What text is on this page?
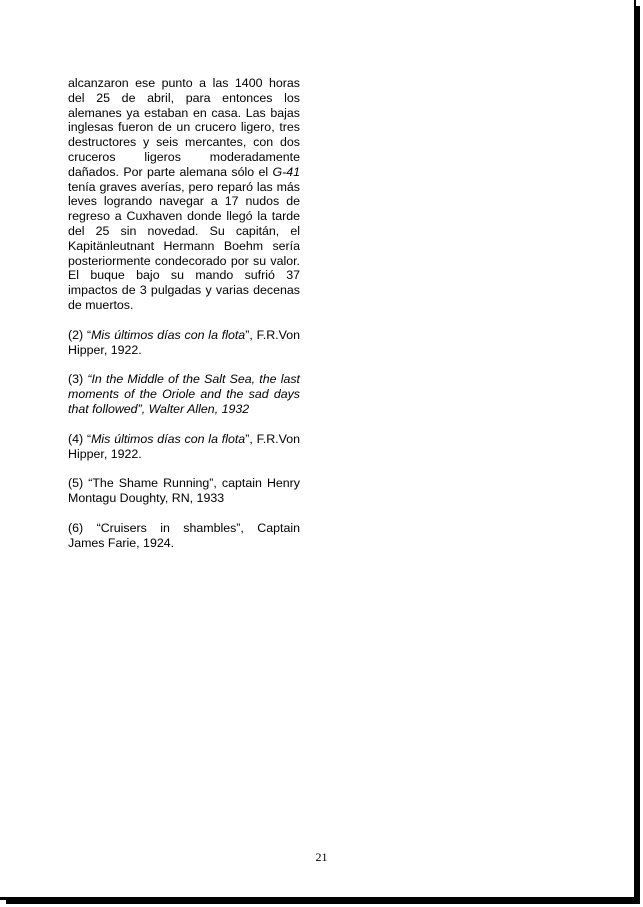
alcanzaron ese punto a las 1400 horas del 25 de abril, para entonces los alemanes ya estaban en casa. Las bajas inglesas fueron de un crucero ligero, tres destructores y seis mercantes, con dos cruceros ligeros moderadamente dañados. Por parte alemana sólo el G-41 tenía graves averías, pero reparó las más leves logrando navegar a 17 nudos de regreso a Cuxhaven donde llegó la tarde del 25 sin novedad. Su capitán, el Kapitänleutnant Hermann Boehm sería posteriormente condecorado por su valor. El buque bajo su mando sufrió 37 impactos de 3 pulgadas y varias decenas de muertos.

(2) “Mis últimos días con la flota”, F.R.Von Hipper, 1922.

(3) “In the Middle of the Salt Sea, the last moments of the Oriole and the sad days that followed”, Walter Allen, 1932

(4) “Mis últimos días con la flota”, F.R.Von Hipper, 1922.

(5) “The Shame Running”, captain Henry Montagu Doughty, RN, 1933

(6) “Cruisers in shambles”, Captain James Farie, 1924.

21
